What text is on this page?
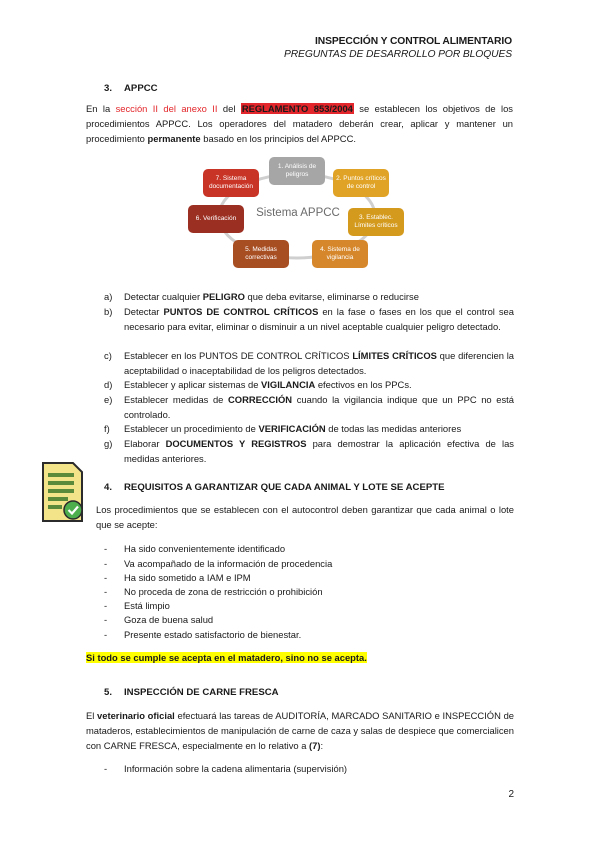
INSPECCIÓN Y CONTROL ALIMENTARIO
PREGUNTAS DE DESARROLLO POR BLOQUES
3. APPCC
En la sección II del anexo II del REGLAMENTO 853/2004 se establecen los objetivos de los procedimientos APPCC. Los operadores del matadero deberán crear, aplicar y mantener un procedimiento permanente basado en los principios del APPCC.
Sistema APPCC
1. Análisis de peligros
2. Puntos críticos de control
3. Establec. Límites críticos
4. Sistema de vigilancia
5. Medidas correctivas
6. Verificación
7. Sistema documentación
a) Detectar cualquier PELIGRO que deba evitarse, eliminarse o reducirse
b) Detectar PUNTOS DE CONTROL CRÍTICOS en la fase o fases en los que el control sea necesario para evitar, eliminar o disminuir a un nivel aceptable cualquier peligro detectado.
c) Establecer en los PUNTOS DE CONTROL CRÍTICOS LÍMITES CRÍTICOS que diferencien la aceptabilidad o inaceptabilidad de los peligros detectados.
d) Establecer y aplicar sistemas de VIGILANCIA efectivos en los PPCs.
e) Establecer medidas de CORRECCIÓN cuando la vigilancia indique que un PPC no está controlado.
f) Establecer un procedimiento de VERIFICACIÓN de todas las medidas anteriores
g) Elaborar DOCUMENTOS Y REGISTROS para demostrar la aplicación efectiva de las medidas anteriores.
4. REQUISITOS A GARANTIZAR QUE CADA ANIMAL Y LOTE SE ACEPTE
Los procedimientos que se establecen con el autocontrol deben garantizar que cada animal o lote que se acepte:
- Ha sido convenientemente identificado
- Va acompañado de la información de procedencia
- Ha sido sometido a IAM e IPM
- No proceda de zona de restricción o prohibición
- Está limpio
- Goza de buena salud
- Presente estado satisfactorio de bienestar.
Si todo se cumple se acepta en el matadero, sino no se acepta.
5. INSPECCIÓN DE CARNE FRESCA
El veterinario oficial efectuará las tareas de AUDITORÍA, MARCADO SANITARIO e INSPECCIÓN de mataderos, establecimientos de manipulación de carne de caza y salas de despiece que comercialicen con CARNE FRESCA, especialmente en lo relativo a (7):
- Información sobre la cadena alimentaria (supervisión)
2
